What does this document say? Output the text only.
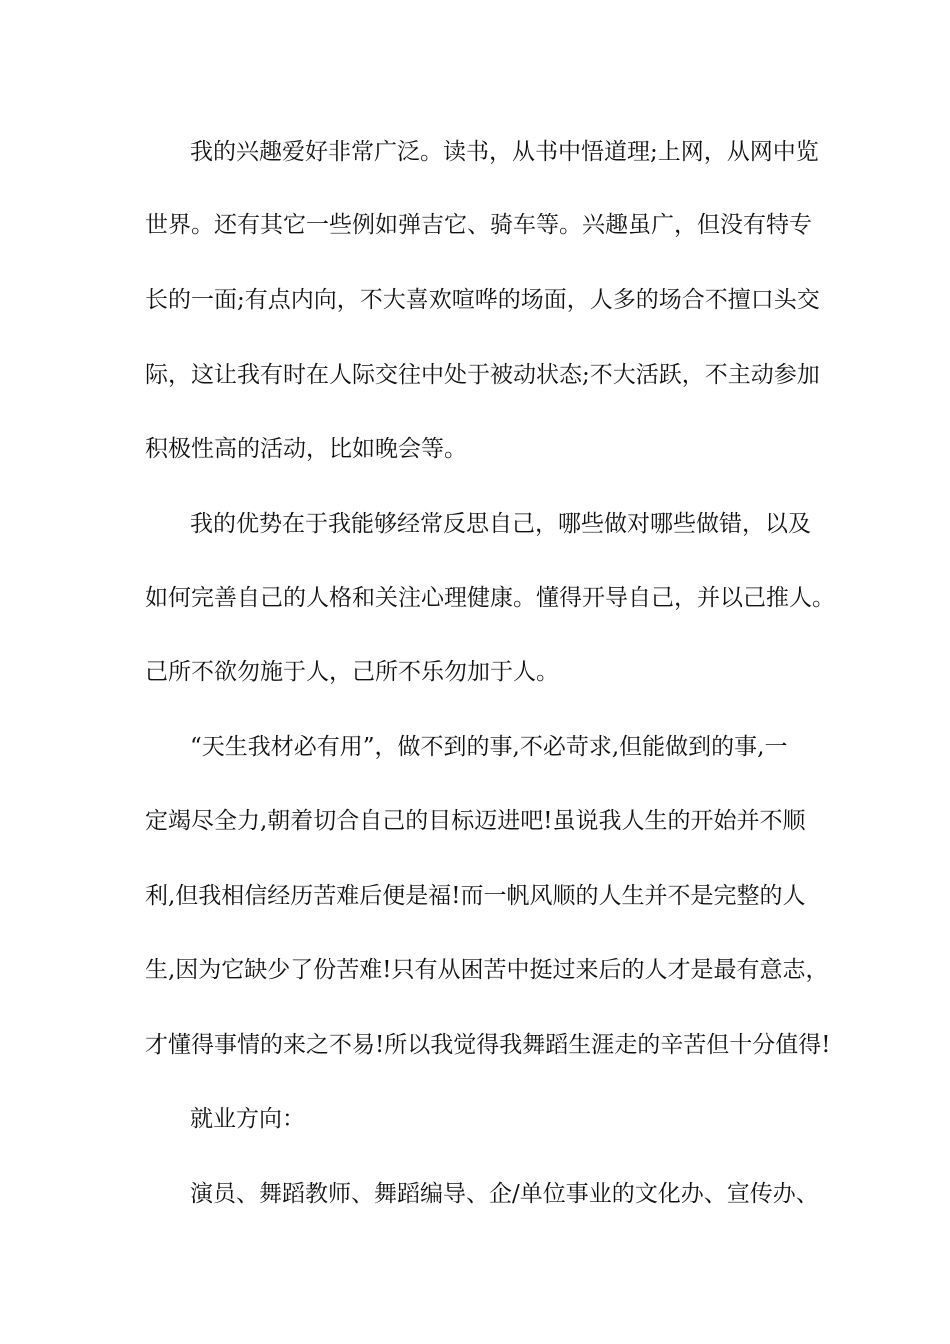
我的兴趣爱好非常广泛。读书，从书中悟道理;上网，从网中览
世界。还有其它一些例如弹吉它、骑车等。兴趣虽广，但没有特专
长的一面;有点内向，不大喜欢喧哗的场面，人多的场合不擅口头交
际，这让我有时在人际交往中处于被动状态;不大活跃，不主动参加
积极性高的活动，比如晚会等。
我的优势在于我能够经常反思自己，哪些做对哪些做错，以及
如何完善自己的人格和关注心理健康。懂得开导自己，并以己推人。
己所不欲勿施于人，己所不乐勿加于人。
“天生我材必有用”，做不到的事,不必苛求,但能做到的事,一
定竭尽全力,朝着切合自己的目标迈进吧!虽说我人生的开始并不顺
利,但我相信经历苦难后便是福!而一帆风顺的人生并不是完整的人
生,因为它缺少了份苦难!只有从困苦中挺过来后的人才是最有意志，
才懂得事情的来之不易!所以我觉得我舞蹈生涯走的辛苦但十分值得!
就业方向：
演员、舞蹈教师、舞蹈编导、企/单位事业的文化办、宣传办、
